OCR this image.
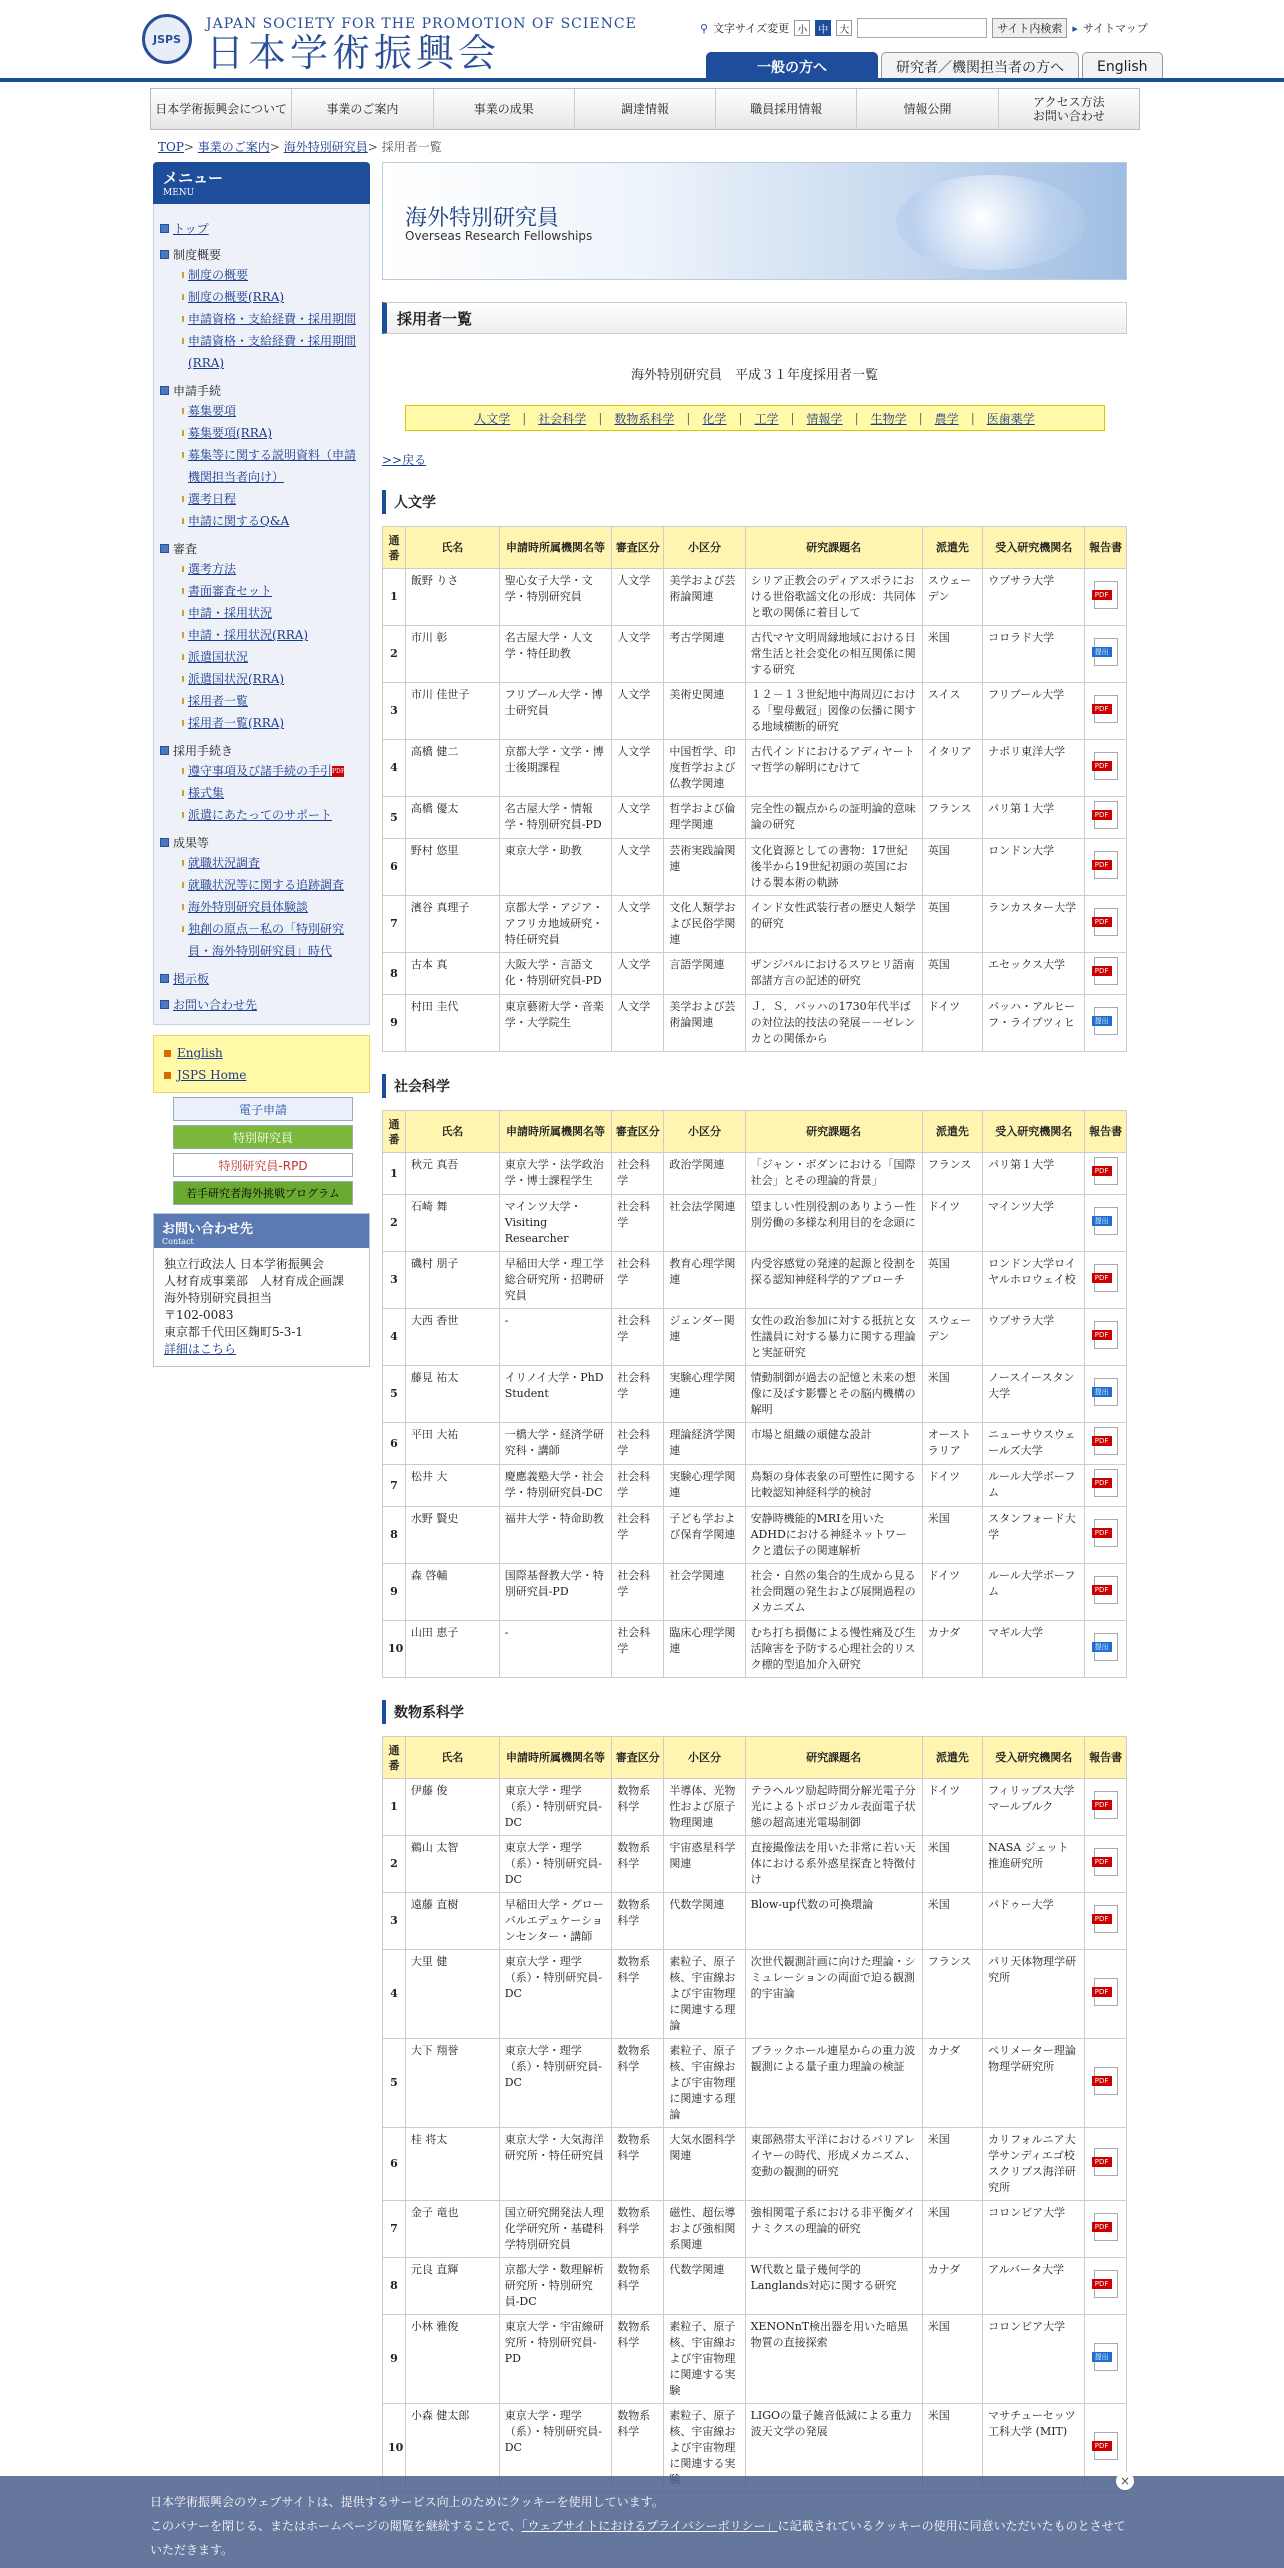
JSPS
JAPAN SOCIETY FOR THE PROMOTION OF SCIENCE
日本学術振興会
⚲ 文字サイズ変更 小	中	大	サイト内検索 ▸ サイトマップ
一般の方へ	研究者／機関担当者の方へ	English
日本学術振興会について	事業のご案内	事業の成果	調達情報	職員採用情報	情報公開	アクセス方法
お問い合わせ
TOP> 事業のご案内> 海外特別研究員> 採用者一覧
メニュー
MENU
トップ
制度概要
制度の概要
制度の概要(RRA)
申請資格・支給経費・採用期間
申請資格・支給経費・採用期間(RRA)
申請手続
募集要項
募集要項(RRA)
募集等に関する説明資料（申請機関担当者向け）
選考日程
申請に関するQ&A
審査
選考方法
書面審査セット
申請・採用状況
申請・採用状況(RRA)
派遣国状況
派遣国状況(RRA)
採用者一覧
採用者一覧(RRA)
採用手続き
遵守事項及び諸手続の手引PDF
様式集
派遣にあたってのサポート
成果等
就職状況調査
就職状況等に関する追跡調査
海外特別研究員体験談
独創の原点－私の「特別研究員・海外特別研究員」時代
掲示板
お問い合わせ先
English
JSPS Home
電子申請
特別研究員
特別研究員-RPD
若手研究者海外挑戦プログラム
お問い合わせ先
Contact
独立行政法人 日本学術振興会
人材育成事業部　人材育成企画課
海外特別研究員担当
〒102-0083
東京都千代田区麹町5-3-1
詳細はこちら
海外特別研究員
Overseas Research Fellowships
採用者一覧
海外特別研究員　平成３１年度採用者一覧
人文学 | 社会科学 | 数物系科学 | 化学 | 工学 | 情報学 | 生物学 | 農学 | 医歯薬学
>>戻る
人文学
通番	氏名	申請時所属機関名等	審査区分	小区分	研究課題名	派遣先	受入研究機関名	報告書
1	飯野 りさ	聖心女子大学・文学・特別研究員	人文学	美学および芸術論関連	シリア正教会のディアスポラにおける世俗歌謡文化の形成：共同体と歌の関係に着目して	スウェーデン	ウプサラ大学	PDF

2	市川 彰	名古屋大学・人文学・特任助教	人文学	考古学関連	古代マヤ文明周縁地域における日常生活と社会変化の相互関係に関する研究	米国	コロラド大学	提出中

3	市川 佳世子	フリブール大学・博士研究員	人文学	美術史関連	１２－１３世紀地中海周辺における「聖母戴冠」図像の伝播に関する地域横断的研究	スイス	フリブール大学	PDF

4	高橋 健二	京都大学・文学・博士後期課程	人文学	中国哲学、印度哲学および仏教学関連	古代インドにおけるアディヤートマ哲学の解明にむけて	イタリア	ナポリ東洋大学	PDF

5	高橋 優太	名古屋大学・情報学・特別研究員-PD	人文学	哲学および倫理学関連	完全性の観点からの証明論的意味論の研究	フランス	パリ第１大学	PDF

6	野村 悠里	東京大学・助教	人文学	芸術実践論関連	文化資源としての書物：17世紀後半から19世紀初頭の英国における製本術の軌跡	英国	ロンドン大学	PDF

7	濱谷 真理子	京都大学・アジア・アフリカ地域研究・特任研究員	人文学	文化人類学および民俗学関連	インド女性武装行者の歴史人類学的研究	英国	ランカスター大学	PDF

8	古本 真	大阪大学・言語文化・特別研究員-PD	人文学	言語学関連	ザンジバルにおけるスワヒリ語南部諸方言の記述的研究	英国	エセックス大学	PDF

9	村田 圭代	東京藝術大学・音楽学・大学院生	人文学	美学および芸術論関連	Ｊ．Ｓ．バッハの1730年代半ばの対位法的技法の発展－－ゼレンカとの関係から	ドイツ	バッハ・アルヒーフ・ライプツィヒ	提出中
社会科学
通番	氏名	申請時所属機関名等	審査区分	小区分	研究課題名	派遣先	受入研究機関名	報告書
1	秋元 真吾	東京大学・法学政治学・博士課程学生	社会科学	政治学関連	「ジャン・ボダンにおける「国際社会」とその理論的背景」	フランス	パリ第１大学	PDF

2	石崎 舞	マインツ大学・Visiting Researcher	社会科学	社会法学関連	望ましい性別役割のありようー性別労働の多様な利用目的を念頭に	ドイツ	マインツ大学	提出中

3	磯村 朋子	早稲田大学・理工学総合研究所・招聘研究員	社会科学	教育心理学関連	内受容感覚の発達的起源と役割を探る認知神経科学的アプローチ	英国	ロンドン大学ロイヤルホロウェイ校	PDF

4	大西 香世	-	社会科学	ジェンダー関連	女性の政治参加に対する抵抗と女性議員に対する暴力に関する理論と実証研究	スウェーデン	ウプサラ大学	PDF

5	藤見 祐太	イリノイ大学・PhD Student	社会科学	実験心理学関連	情動制御が過去の記憶と未来の想像に及ぼす影響とその脳内機構の解明	米国	ノースイースタン大学	提出中

6	平田 大祐	一橋大学・経済学研究科・講師	社会科学	理論経済学関連	市場と組織の頑健な設計	オーストラリア	ニューサウスウェールズ大学	PDF

7	松井 大	慶應義塾大学・社会学・特別研究員-DC	社会科学	実験心理学関連	鳥類の身体表象の可塑性に関する比較認知神経科学的検討	ドイツ	ルール大学ボーフム	PDF

8	水野 賢史	福井大学・特命助教	社会科学	子ども学および保育学関連	安静時機能的MRIを用いたADHDにおける神経ネットワークと遺伝子の関連解析	米国	スタンフォード大学	PDF

9	森 啓輔	国際基督教大学・特別研究員-PD	社会科学	社会学関連	社会・自然の集合的生成から見る社会問題の発生および展開過程のメカニズム	ドイツ	ルール大学ボーフム	PDF

10	山田 恵子	-	社会科学	臨床心理学関連	むち打ち損傷による慢性痛及び生活障害を予防する心理社会的リスク標的型追加介入研究	カナダ	マギル大学	提出中
数物系科学
通番	氏名	申請時所属機関名等	審査区分	小区分	研究課題名	派遣先	受入研究機関名	報告書
1	伊藤 俊	東京大学・理学（系）・特別研究員-DC	数物系科学	半導体、光物性および原子物理関連	テラヘルツ励起時間分解光電子分光によるトポロジカル表面電子状態の超高速光電場制御	ドイツ	フィリップス大学マールブルク	PDF

2	鵜山 太智	東京大学・理学（系）・特別研究員-DC	数物系科学	宇宙惑星科学関連	直接撮像法を用いた非常に若い天体における系外惑星探査と特徴付け	米国	NASA ジェット推進研究所	PDF

3	遠藤 直樹	早稲田大学・グローバルエデュケーションセンター・講師	数物系科学	代数学関連	Blow-up代数の可換環論	米国	パドゥー大学	PDF

4	大里 健	東京大学・理学（系）・特別研究員-DC	数物系科学	素粒子、原子核、宇宙線および宇宙物理に関連する理論	次世代観測計画に向けた理論・シミュレーションの両面で迫る観測的宇宙論	フランス	パリ天体物理学研究所	PDF

5	大下 翔誉	東京大学・理学（系）・特別研究員-DC	数物系科学	素粒子、原子核、宇宙線および宇宙物理に関連する理論	ブラックホール連星からの重力波観測による量子重力理論の検証	カナダ	ペリメーター理論物理学研究所	PDF

6	桂 将太	東京大学・大気海洋研究所・特任研究員	数物系科学	大気水圏科学関連	東部熱帯太平洋におけるバリアレイヤーの時代、形成メカニズム、変動の観測的研究	米国	カリフォルニア大学サンディエゴ校スクリプス海洋研究所	PDF

7	金子 竜也	国立研究開発法人理化学研究所・基礎科学特別研究員	数物系科学	磁性、超伝導および強相関系関連	強相関電子系における非平衡ダイナミクスの理論的研究	米国	コロンビア大学	PDF

8	元良 直輝	京都大学・数理解析研究所・特別研究員-DC	数物系科学	代数学関連	W代数と量子幾何学的Langlands対応に関する研究	カナダ	アルバータ大学	PDF

9	小林 雅俊	東京大学・宇宙線研究所・特別研究員-PD	数物系科学	素粒子、原子核、宇宙線および宇宙物理に関連する実験	XENONnT検出器を用いた暗黒物質の直接探索	米国	コロンビア大学	提出中

10	小森 健太郎	東京大学・理学（系）・特別研究員-DC	数物系科学	素粒子、原子核、宇宙線および宇宙物理に関連する実	LIGOの量子雑音低減による重力波天文学の発展	米国	マサチューセッツ工科大学 (MIT)	PDF
日本学術振興会のウェブサイトは、提供するサービス向上のためにクッキーを使用しています。
このバナーを閉じる、またはホームページの閲覧を継続することで、「ウェブサイトにおけるプライバシーポリシー」に記載されているクッキーの使用に同意いただいたものとさせていただきます。
×
